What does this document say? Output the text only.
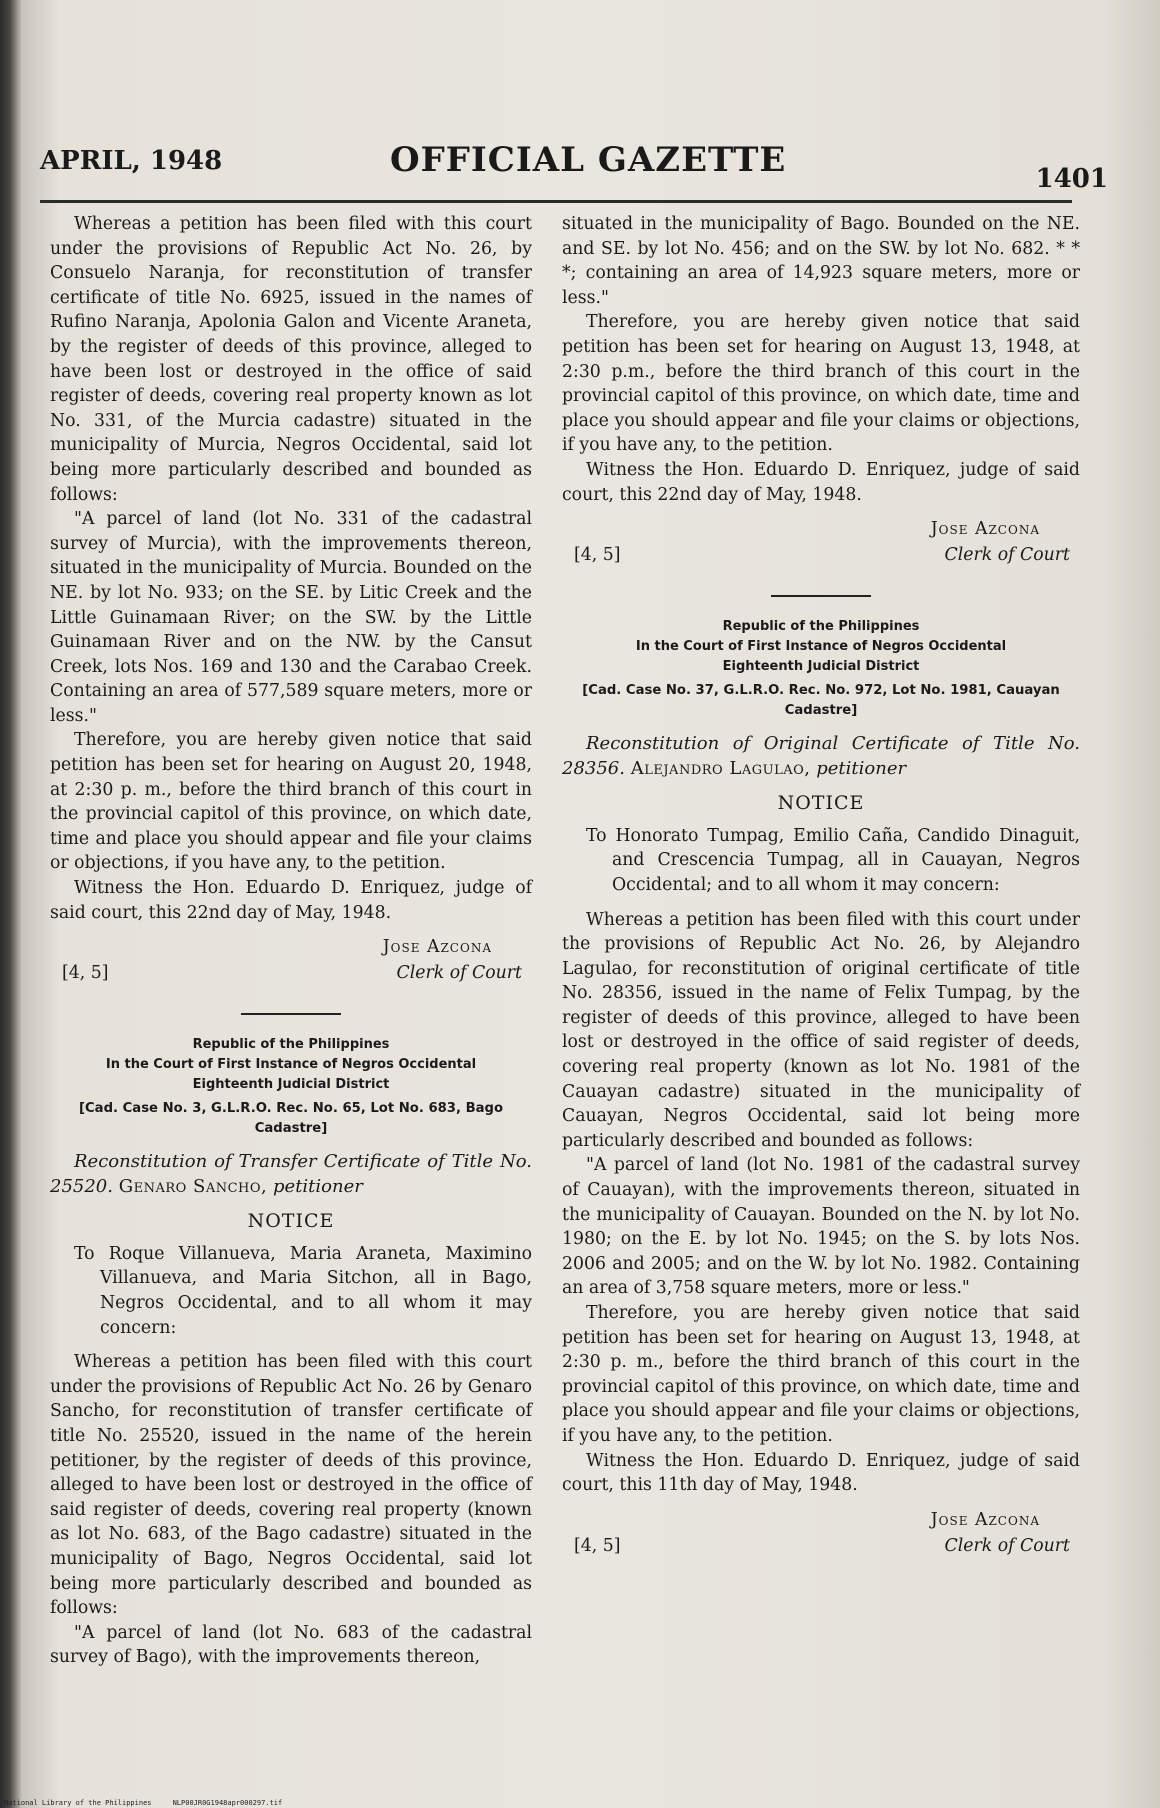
APRIL, 1948	OFFICIAL GAZETTE	1401

Whereas a petition has been filed with this court under the provisions of Republic Act No. 26, by Consuelo Naranja, for reconstitution of transfer certificate of title No. 6925, issued in the names of Rufino Naranja, Apolonia Galon and Vicente Araneta, by the register of deeds of this province, alleged to have been lost or destroyed in the office of said register of deeds, covering real property known as lot No. 331, of the Murcia cadastre) situated in the municipality of Murcia, Negros Occidental, said lot being more particularly described and bounded as follows:

"A parcel of land (lot No. 331 of the cadastral survey of Murcia), with the improvements thereon, situated in the municipality of Murcia. Bounded on the NE. by lot No. 933; on the SE. by Litic Creek and the Little Guinamaan River; on the SW. by the Little Guinamaan River and on the NW. by the Cansut Creek, lots Nos. 169 and 130 and the Carabao Creek. Containing an area of 577,589 square meters, more or less."

Therefore, you are hereby given notice that said petition has been set for hearing on August 20, 1948, at 2:30 p. m., before the third branch of this court in the provincial capitol of this province, on which date, time and place you should appear and file your claims or objections, if you have any, to the petition.

Witness the Hon. Eduardo D. Enriquez, judge of said court, this 22nd day of May, 1948.

Jose Azcona
Clerk of Court
[4, 5]
Republic of the Philippines
In the Court of First Instance of Negros Occidental
Eighteenth Judicial District
[Cad. Case No. 3, G.L.R.O. Rec. No. 65, Lot No. 683, Bago Cadastre]
Reconstitution of Transfer Certificate of Title No. 25520. Genaro Sancho, petitioner
NOTICE

To Roque Villanueva, Maria Araneta, Maximino Villanueva, and Maria Sitchon, all in Bago, Negros Occidental, and to all whom it may concern:

Whereas a petition has been filed with this court under the provisions of Republic Act No. 26 by Genaro Sancho, for reconstitution of transfer certificate of title No. 25520, issued in the name of the herein petitioner, by the register of deeds of this province, alleged to have been lost or destroyed in the office of said register of deeds, covering real property (known as lot No. 683, of the Bago cadastre) situated in the municipality of Bago, Negros Occidental, said lot being more particularly described and bounded as follows:

"A parcel of land (lot No. 683 of the cadastral survey of Bago), with the improvements thereon,

situated in the municipality of Bago. Bounded on the NE. and SE. by lot No. 456; and on the SW. by lot No. 682. * * *; containing an area of 14,923 square meters, more or less."

Therefore, you are hereby given notice that said petition has been set for hearing on August 13, 1948, at 2:30 p.m., before the third branch of this court in the provincial capitol of this province, on which date, time and place you should appear and file your claims or objections, if you have any, to the petition.

Witness the Hon. Eduardo D. Enriquez, judge of said court, this 22nd day of May, 1948.

Jose Azcona
Clerk of Court
[4, 5]
Republic of the Philippines
In the Court of First Instance of Negros Occidental
Eighteenth Judicial District
[Cad. Case No. 37, G.L.R.O. Rec. No. 972, Lot No. 1981, Cauayan Cadastre]
Reconstitution of Original Certificate of Title No. 28356. Alejandro Lagulao, petitioner
NOTICE

To Honorato Tumpag, Emilio Caña, Candido Dinaguit, and Crescencia Tumpag, all in Cauayan, Negros Occidental; and to all whom it may concern:

Whereas a petition has been filed with this court under the provisions of Republic Act No. 26, by Alejandro Lagulao, for reconstitution of original certificate of title No. 28356, issued in the name of Felix Tumpag, by the register of deeds of this province, alleged to have been lost or destroyed in the office of said register of deeds, covering real property (known as lot No. 1981 of the Cauayan cadastre) situated in the municipality of Cauayan, Negros Occidental, said lot being more particularly described and bounded as follows:

"A parcel of land (lot No. 1981 of the cadastral survey of Cauayan), with the improvements thereon, situated in the municipality of Cauayan. Bounded on the N. by lot No. 1980; on the E. by lot No. 1945; on the S. by lots Nos. 2006 and 2005; and on the W. by lot No. 1982. Containing an area of 3,758 square meters, more or less."

Therefore, you are hereby given notice that said petition has been set for hearing on August 13, 1948, at 2:30 p. m., before the third branch of this court in the provincial capitol of this province, on which date, time and place you should appear and file your claims or objections, if you have any, to the petition.

Witness the Hon. Eduardo D. Enriquez, judge of said court, this 11th day of May, 1948.

Jose Azcona
Clerk of Court
[4, 5]
National Library of the Philippines	NLP00JR0G1948apr000297.tif
